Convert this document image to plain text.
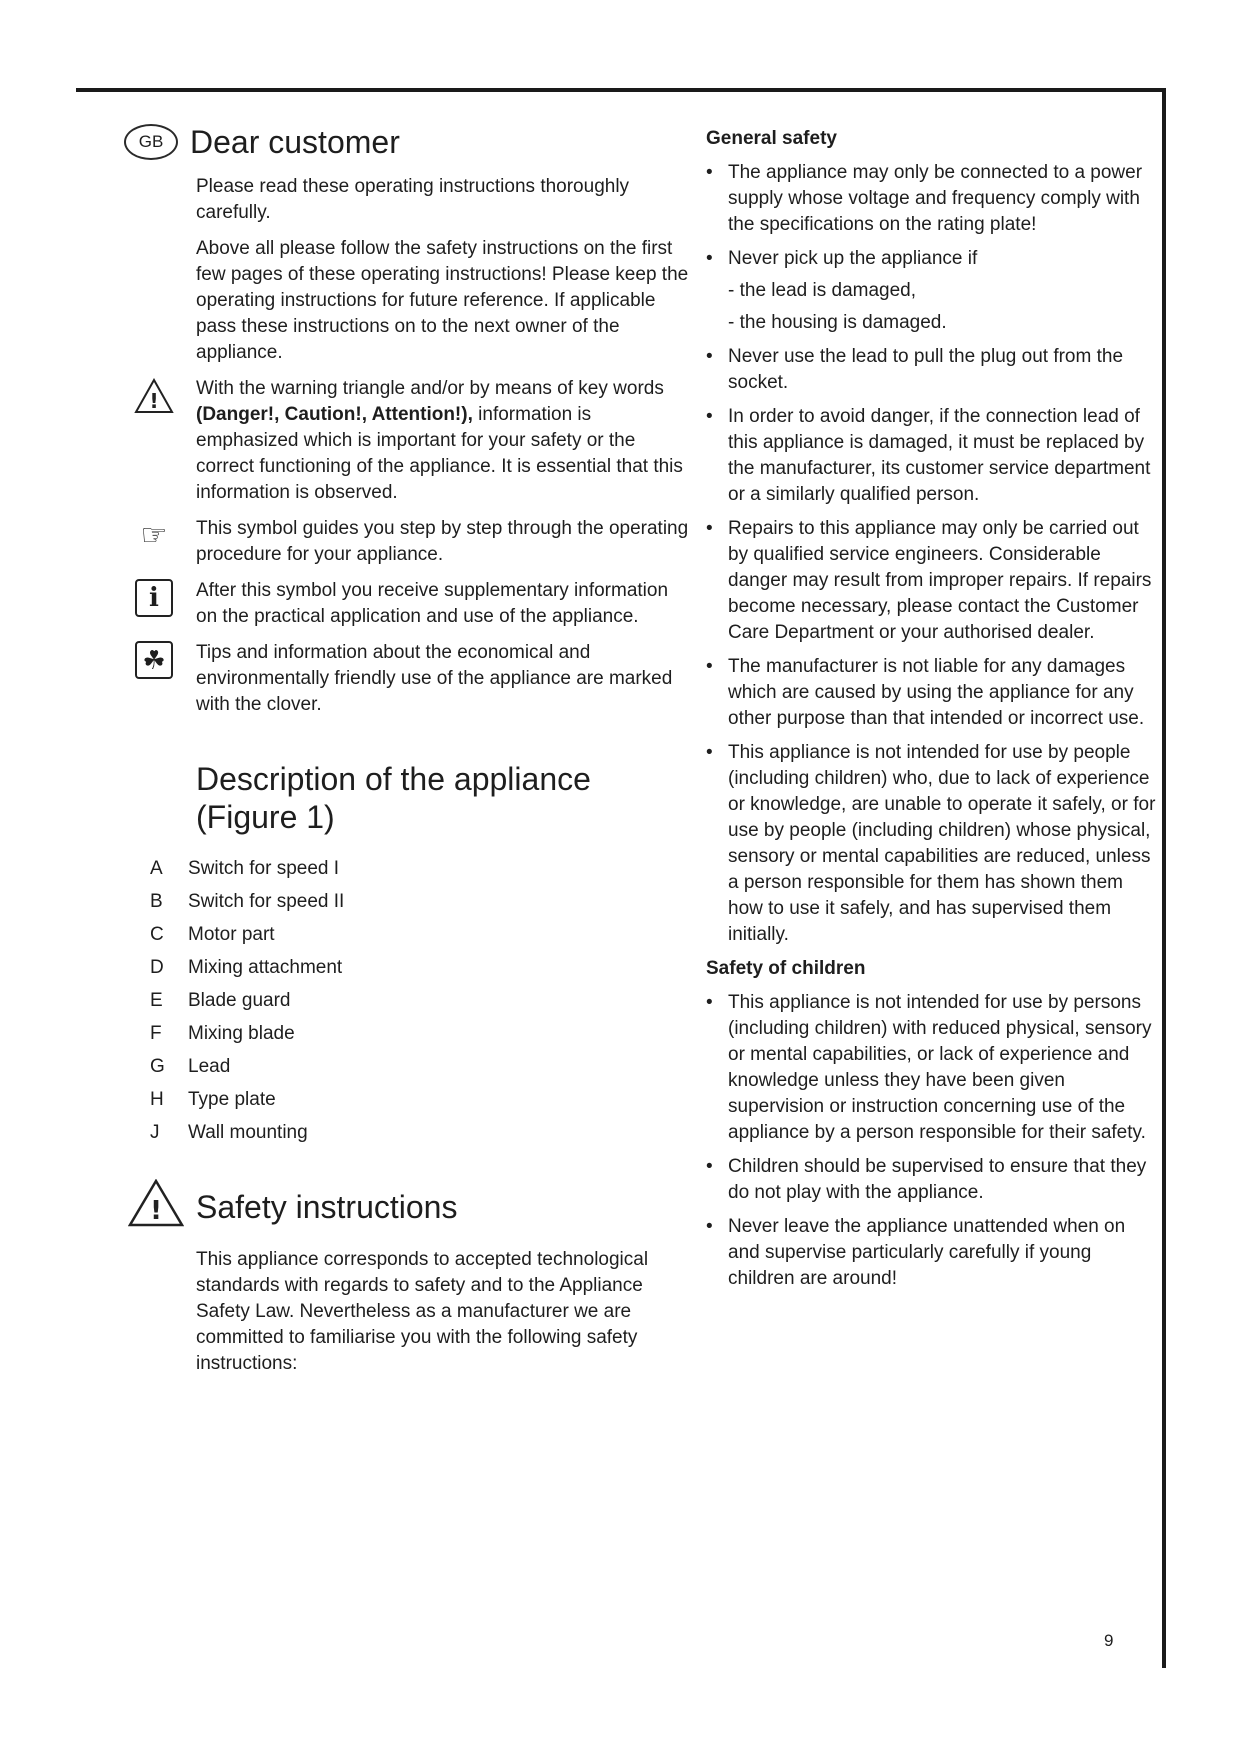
GB Dear customer

Please read these operating instructions thoroughly carefully.

Above all please follow the safety instructions on the first few pages of these operating instructions! Please keep the operating instructions for future reference. If applicable pass these instructions on to the next owner of the appliance.

!

With the warning triangle and/or by means of key words (Danger!, Caution!, Attention!), information is emphasized which is important for your safety or the correct functioning of the appliance. It is essential that this information is observed.

☞ This symbol guides you step by step through the operating procedure for your appliance.

i	After this symbol you receive supplementary information on the practical application and use of the appliance.

☘	Tips and information about the economical and environmentally friendly use of the appliance are marked with the clover.

Description of the appliance (Figure 1)
A	Switch for speed I
B	Switch for speed II
C	Motor part
D	Mixing attachment
E	Blade guard
F	Mixing blade
G	Lead
H	Type plate
J	Wall mounting
! Safety instructions

This appliance corresponds to accepted technological standards with regards to safety and to the Appliance Safety Law. Nevertheless as a manufacturer we are committed to familiarise you with the following safety instructions:

General safety
• The appliance may only be connected to a power supply whose voltage and frequency comply with the specifications on the rating plate!
• Never pick up the appliance if
- the lead is damaged,
- the housing is damaged.
• Never use the lead to pull the plug out from the socket.
• In order to avoid danger, if the connection lead of this appliance is damaged, it must be replaced by the manufacturer, its customer service department or a similarly qualified person.
• Repairs to this appliance may only be carried out by qualified service engineers. Considerable danger may result from improper repairs. If repairs become necessary, please contact the Customer Care Department or your authorised dealer.
• The manufacturer is not liable for any damages which are caused by using the appliance for any other purpose than that intended or incorrect use.
• This appliance is not intended for use by people (including children) who, due to lack of experience or knowledge, are unable to operate it safely, or for use by people (including children) whose physical, sensory or mental capabilities are reduced, unless a person responsible for them has shown them how to use it safely, and has supervised them initially.
Safety of children
• This appliance is not intended for use by persons (including children) with reduced physical, sensory or mental capabilities, or lack of experience and knowledge unless they have been given supervision or instruction concerning use of the appliance by a person responsible for their safety.
• Children should be supervised to ensure that they do not play with the appliance.
• Never leave the appliance unattended when on and supervise particularly carefully if young children are around!
9
